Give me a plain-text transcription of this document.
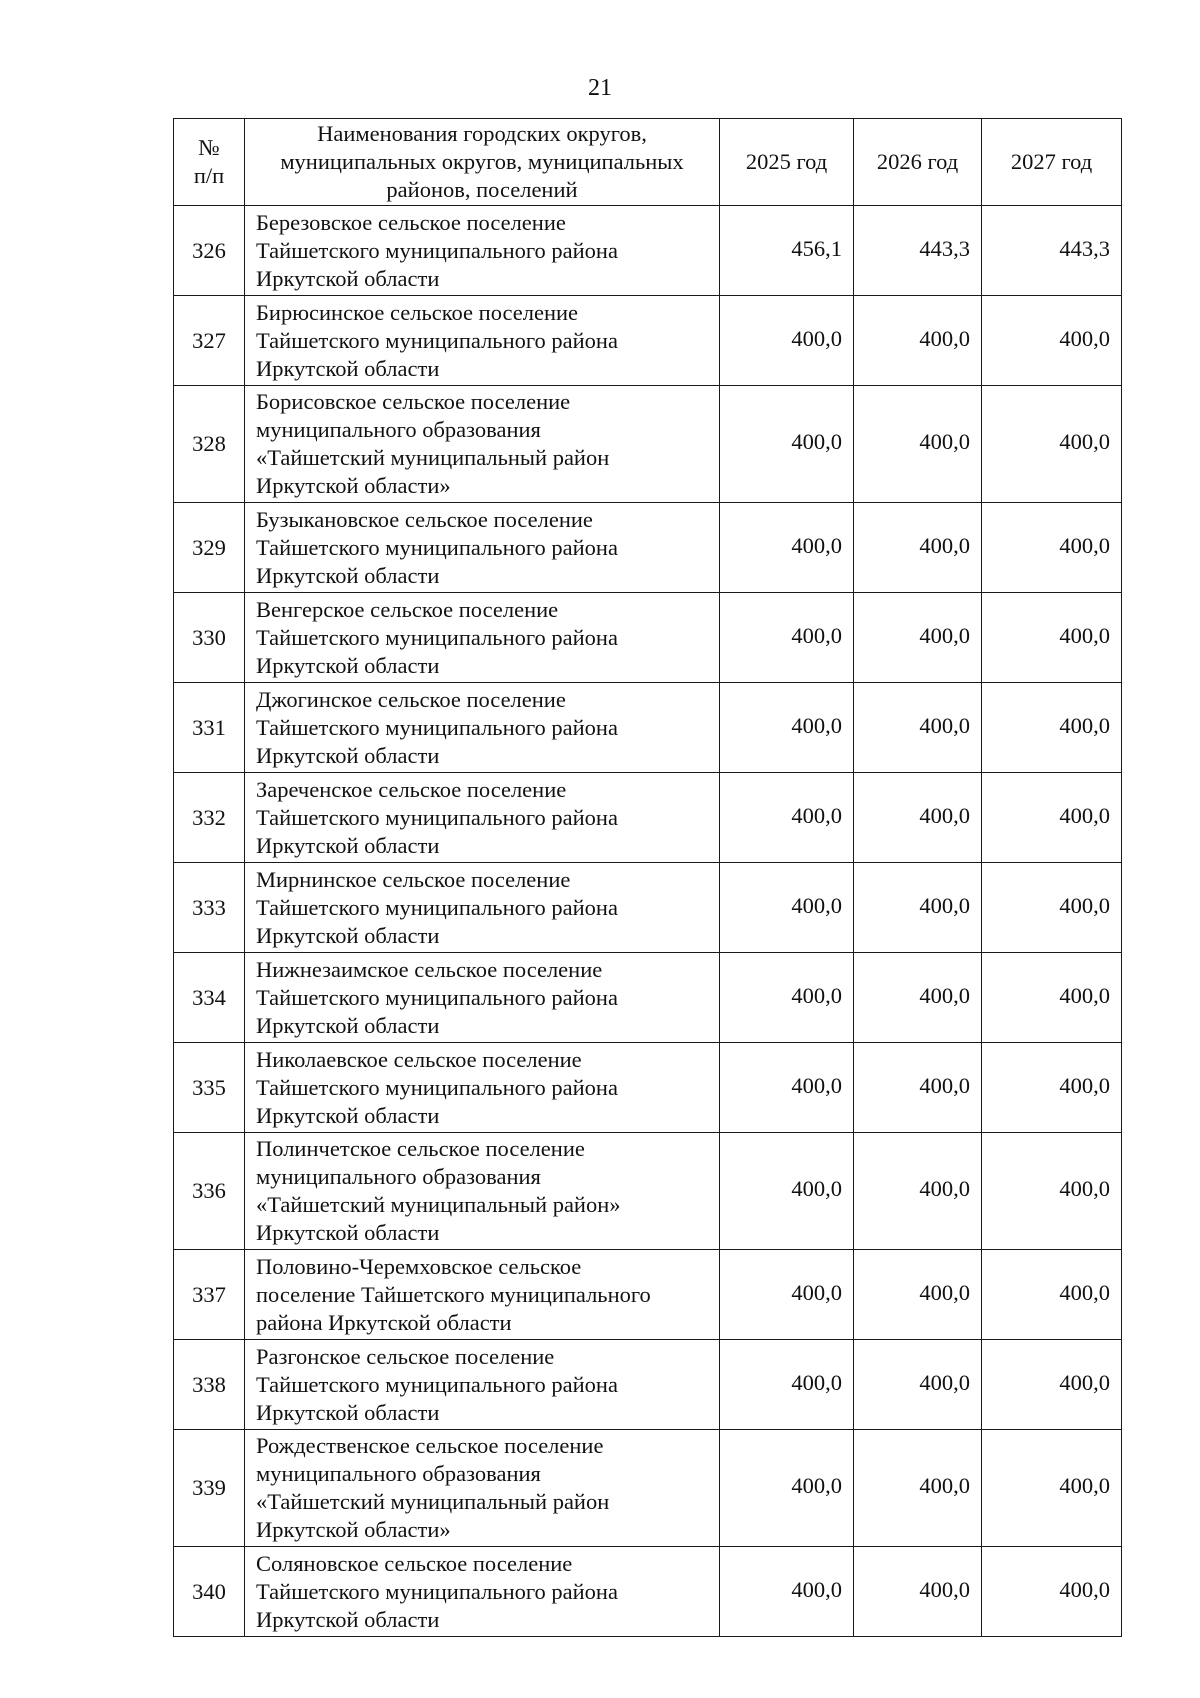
21
№
п/п	Наименования городских округов,
муниципальных округов, муниципальных
районов, поселений	2025 год	2026 год	2027 год
326	Березовское сельское поселение
Тайшетского муниципального района
Иркутской области	456,1	443,3	443,3
327	Бирюсинское сельское поселение
Тайшетского муниципального района
Иркутской области	400,0	400,0	400,0
328	Борисовское сельское поселение
муниципального образования
«Тайшетский муниципальный район
Иркутской области»	400,0	400,0	400,0
329	Бузыкановское сельское поселение
Тайшетского муниципального района
Иркутской области	400,0	400,0	400,0
330	Венгерское сельское поселение
Тайшетского муниципального района
Иркутской области	400,0	400,0	400,0
331	Джогинское сельское поселение
Тайшетского муниципального района
Иркутской области	400,0	400,0	400,0
332	Зареченское сельское поселение
Тайшетского муниципального района
Иркутской области	400,0	400,0	400,0
333	Мирнинское сельское поселение
Тайшетского муниципального района
Иркутской области	400,0	400,0	400,0
334	Нижнезаимское сельское поселение
Тайшетского муниципального района
Иркутской области	400,0	400,0	400,0
335	Николаевское сельское поселение
Тайшетского муниципального района
Иркутской области	400,0	400,0	400,0
336	Полинчетское сельское поселение
муниципального образования
«Тайшетский муниципальный район»
Иркутской области	400,0	400,0	400,0
337	Половино-Черемховское сельское
поселение Тайшетского муниципального
района Иркутской области	400,0	400,0	400,0
338	Разгонское сельское поселение
Тайшетского муниципального района
Иркутской области	400,0	400,0	400,0
339	Рождественское сельское поселение
муниципального образования
«Тайшетский муниципальный район
Иркутской области»	400,0	400,0	400,0
340	Соляновское сельское поселение
Тайшетского муниципального района
Иркутской области	400,0	400,0	400,0
